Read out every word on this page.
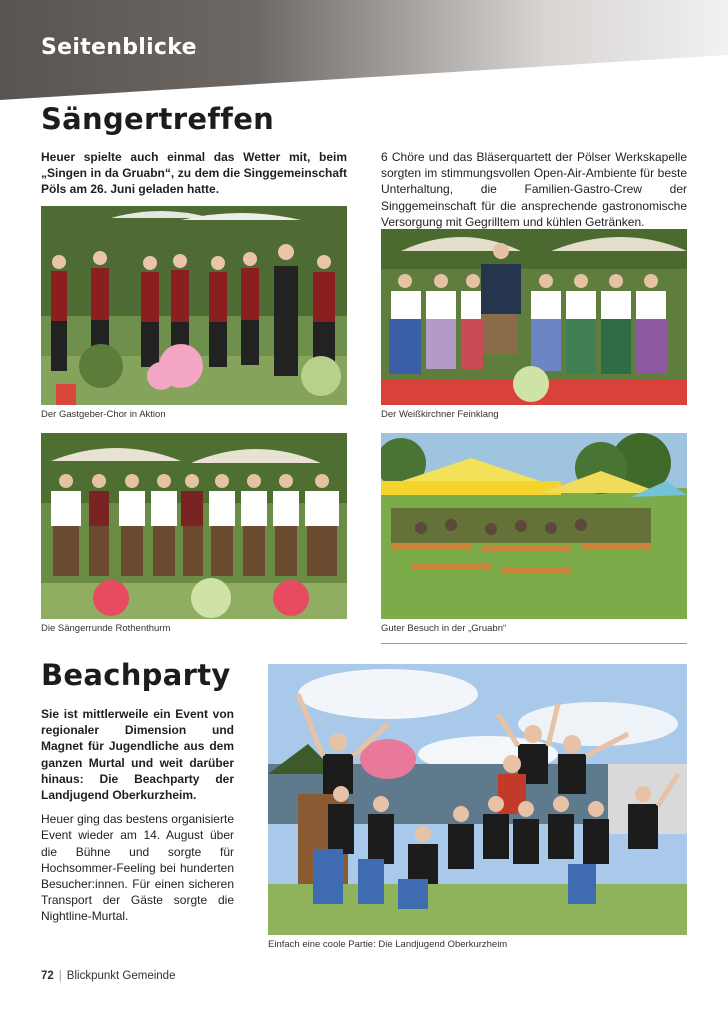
Seitenblicke
Sängertreffen

Heuer spielte auch einmal das Wetter mit, beim „Singen in da Gruabn“, zu dem die Singgemeinschaft Pöls am 26. Juni geladen hatte.

6 Chöre und das Bläserquartett der Pölser Werkskapelle sorgten im stimmungsvollen Open-Air-Ambiente für beste Unterhaltung, die Familien-Gastro-Crew der Singgemeinschaft für die ansprechende gastronomische Versorgung mit Gegrilltem und kühlen Getränken.

Der Gastgeber-Chor in Aktion	Der Weißkirchner Feinklang
Die Sängerrunde Rothenthurm	Guter Besuch in der „Gruabn“
Beachparty

Sie ist mittlerweile ein Event von regionaler Dimension und Magnet für Jugendliche aus dem ganzen Murtal und weit darüber hinaus: Die Beachparty der Landjugend Oberkurzheim.

Heuer ging das bestens organisierte Event wieder am 14. August über die Bühne und sorgte für Hochsommer-Feeling bei hunderten Besucher:innen. Für einen sicheren Transport der Gäste sorgte die Nightline-Murtal.

Einfach eine coole Partie: Die Landjugend Oberkurzheim
72 | Blickpunkt Gemeinde
